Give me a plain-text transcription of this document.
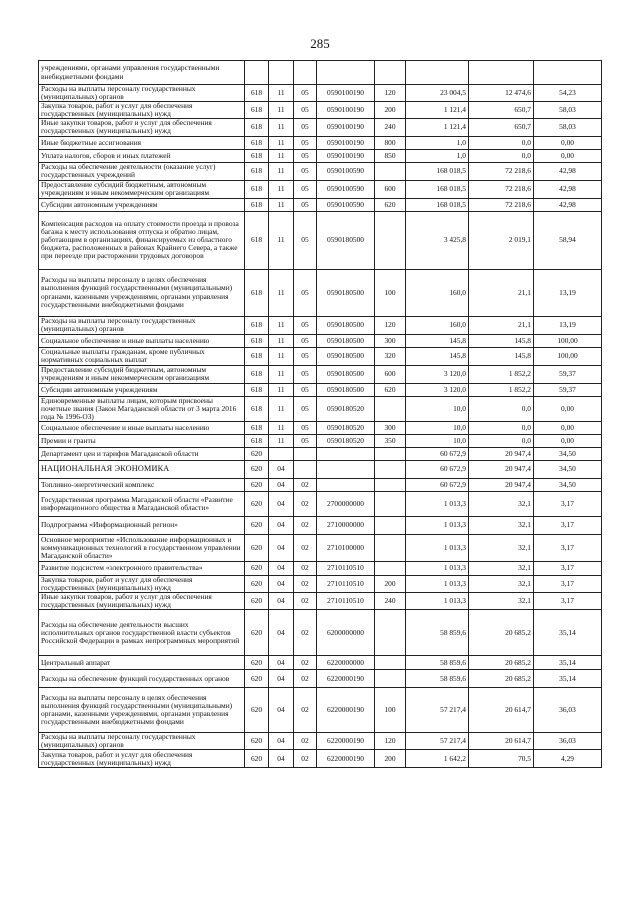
285
учреждениями, органами управления государственными внебюджетными фондами								
Расходы на выплаты персоналу государственных (муниципальных) органов	618	11	05	0590100190	120	23 004,5	12 474,6	54,23
Закупка товаров, работ и услуг для обеспечения государственных (муниципальных) нужд	618	11	05	0590100190	200	1 121,4	650,7	58,03
Иные закупки товаров, работ и услуг для обеспечения государственных (муниципальных) нужд	618	11	05	0590100190	240	1 121,4	650,7	58,03
Иные бюджетные ассигнования	618	11	05	0590100190	800	1,0	0,0	0,00
Уплата налогов, сборов и иных платежей	618	11	05	0590100190	850	1,0	0,0	0,00
Расходы на обеспечение деятельности (оказание услуг) государственных учреждений	618	11	05	0590100590		168 018,5	72 218,6	42,98
Предоставление субсидий бюджетным, автономным учреждениям и иным некоммерческим организациям	618	11	05	0590100590	600	168 018,5	72 218,6	42,98
Субсидии автономным учреждениям	618	11	05	0590100590	620	168 018,5	72 218,6	42,98
Компенсация расходов на оплату стоимости проезда и провоза багажа к месту использования отпуска и обратно лицам, работающим в организациях, финансируемых из областного бюджета, расположенных в районах Крайнего Севера, а также при переезде при расторжении трудовых договоров	618	11	05	0590180500		3 425,8	2 019,1	58,94
Расходы на выплаты персоналу в целях обеспечения выполнения функций государственными (муниципальными) органами, казенными учреждениями, органами управления государственными внебюджетными фондами	618	11	05	0590180500	100	160,0	21,1	13,19
Расходы на выплаты персоналу государственных (муниципальных) органов	618	11	05	0590180500	120	160,0	21,1	13,19
Социальное обеспечение и иные выплаты населению	618	11	05	0590180500	300	145,8	145,8	100,00
Социальные выплаты гражданам, кроме публичных нормативных социальных выплат	618	11	05	0590180500	320	145,8	145,8	100,00
Предоставление субсидий бюджетным, автономным учреждениям и иным некоммерческим организациям	618	11	05	0590180500	600	3 120,0	1 852,2	59,37
Субсидии автономным учреждениям	618	11	05	0590180500	620	3 120,0	1 852,2	59,37
Единовременные выплаты лицам, которым присвоены почетные звания (Закон Магаданской области от 3 марта 2016 года № 1996-ОЗ)	618	11	05	0590180520		10,0	0,0	0,00
Социальное обеспечение и иные выплаты населению	618	11	05	0590180520	300	10,0	0,0	0,00
Премии и гранты	618	11	05	0590180520	350	10,0	0,0	0,00
Департамент цен и тарифов Магаданской области	620					60 672,9	20 947,4	34,50
НАЦИОНАЛЬНАЯ ЭКОНОМИКА	620	04				60 672,9	20 947,4	34,50
Топливно-энергетический комплекс	620	04	02			60 672,9	20 947,4	34,50
Государственная программа Магаданской области «Развитие информационного общества в Магаданской области»	620	04	02	2700000000		1 013,3	32,1	3,17
Подпрограмма «Информационный регион»	620	04	02	2710000000		1 013,3	32,1	3,17
Основное мероприятие «Использование информационных и коммуникационных технологий в государственном управлении Магаданской области»	620	04	02	2710100000		1 013,3	32,1	3,17
Развитие подсистем «электронного правительства»	620	04	02	2710110510		1 013,3	32,1	3,17
Закупка товаров, работ и услуг для обеспечения государственных (муниципальных) нужд	620	04	02	2710110510	200	1 013,3	32,1	3,17
Иные закупки товаров, работ и услуг для обеспечения государственных (муниципальных) нужд	620	04	02	2710110510	240	1 013,3	32,1	3,17
Расходы на обеспечение деятельности высших исполнительных органов государственной власти субъектов Российской Федерации в рамках непрограммных мероприятий	620	04	02	6200000000		58 859,6	20 685,2	35,14
Центральный аппарат	620	04	02	6220000000		58 859,6	20 685,2	35,14
Расходы на обеспечение функций государственных органов	620	04	02	6220000190		58 859,6	20 685,2	35,14
Расходы на выплаты персоналу в целях обеспечения выполнения функций государственными (муниципальными) органами, казенными учреждениями, органами управления государственными внебюджетными фондами	620	04	02	6220000190	100	57 217,4	20 614,7	36,03
Расходы на выплаты персоналу государственных (муниципальных) органов	620	04	02	6220000190	120	57 217,4	20 614,7	36,03
Закупка товаров, работ и услуг для обеспечения государственных (муниципальных) нужд	620	04	02	6220000190	200	1 642,2	70,5	4,29
